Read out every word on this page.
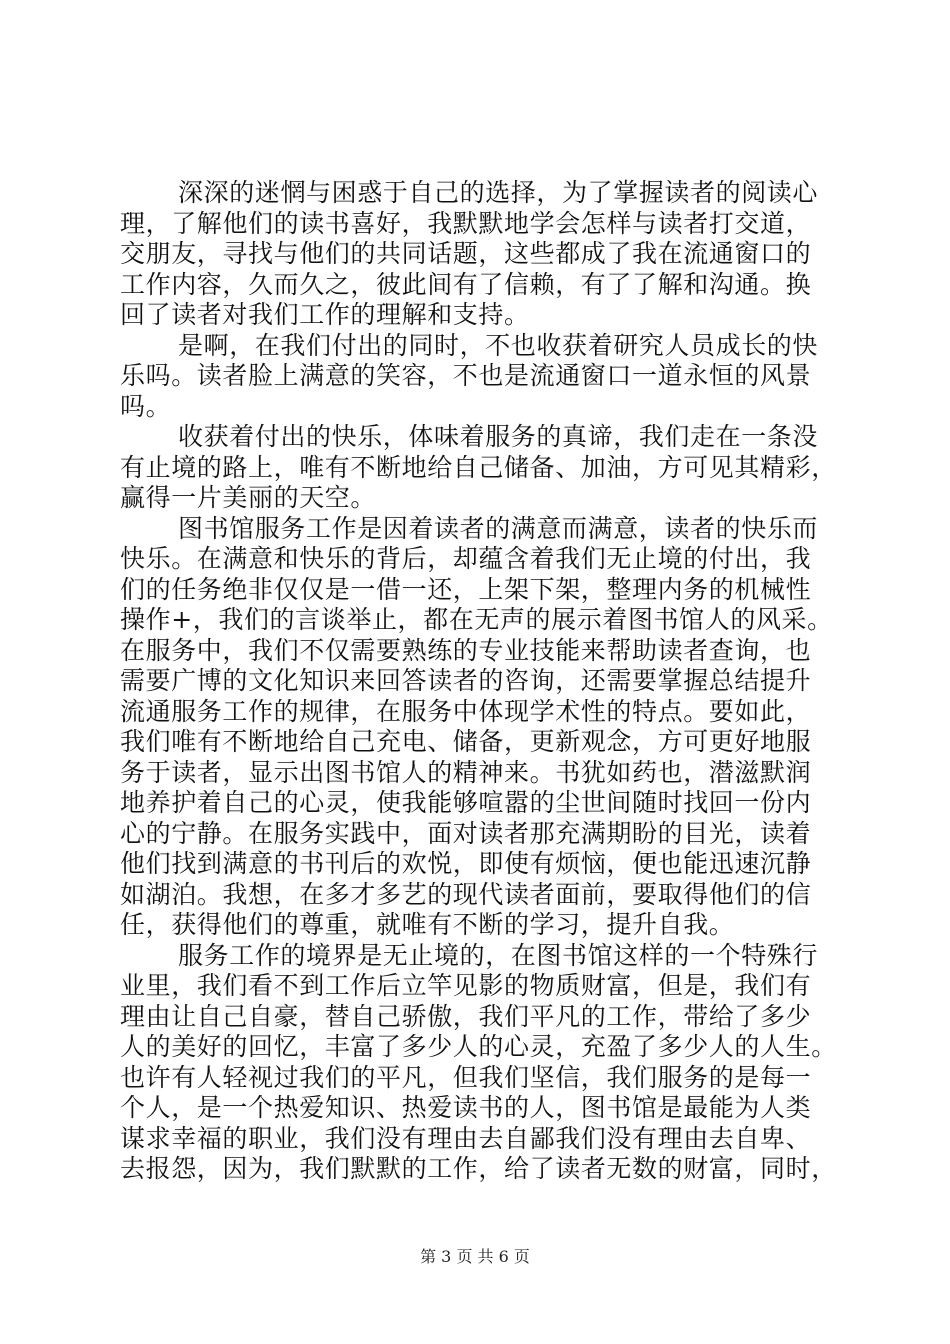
深深的迷惘与困惑于自己的选择，为了掌握读者的阅读心
理，了解他们的读书喜好，我默默地学会怎样与读者打交道，
交朋友，寻找与他们的共同话题，这些都成了我在流通窗口的
工作内容，久而久之，彼此间有了信赖，有了了解和沟通。换
回了读者对我们工作的理解和支持。
是啊，在我们付出的同时，不也收获着研究人员成长的快
乐吗。读者脸上满意的笑容，不也是流通窗口一道永恒的风景
吗。
收获着付出的快乐，体味着服务的真谛，我们走在一条没
有止境的路上，唯有不断地给自己储备、加油，方可见其精彩，
赢得一片美丽的天空。
图书馆服务工作是因着读者的满意而满意，读者的快乐而
快乐。在满意和快乐的背后，却蕴含着我们无止境的付出，我
们的任务绝非仅仅是一借一还，上架下架，整理内务的机械性
操作+，我们的言谈举止，都在无声的展示着图书馆人的风采。
在服务中，我们不仅需要熟练的专业技能来帮助读者查询，也
需要广博的文化知识来回答读者的咨询，还需要掌握总结提升
流通服务工作的规律，在服务中体现学术性的特点。要如此，
我们唯有不断地给自己充电、储备，更新观念，方可更好地服
务于读者，显示出图书馆人的精神来。书犹如药也，潜滋默润
地养护着自己的心灵，使我能够喧嚣的尘世间随时找回一份内
心的宁静。在服务实践中，面对读者那充满期盼的目光，读着
他们找到满意的书刊后的欢悦，即使有烦恼，便也能迅速沉静
如湖泊。我想，在多才多艺的现代读者面前，要取得他们的信
任，获得他们的尊重，就唯有不断的学习，提升自我。
服务工作的境界是无止境的，在图书馆这样的一个特殊行
业里，我们看不到工作后立竿见影的物质财富，但是，我们有
理由让自己自豪，替自己骄傲，我们平凡的工作，带给了多少
人的美好的回忆，丰富了多少人的心灵，充盈了多少人的人生。
也许有人轻视过我们的平凡，但我们坚信，我们服务的是每一
个人，是一个热爱知识、热爱读书的人，图书馆是最能为人类
谋求幸福的职业，我们没有理由去自鄙我们没有理由去自卑、
去报怨，因为，我们默默的工作，给了读者无数的财富，同时，
第 3 页 共 6 页
